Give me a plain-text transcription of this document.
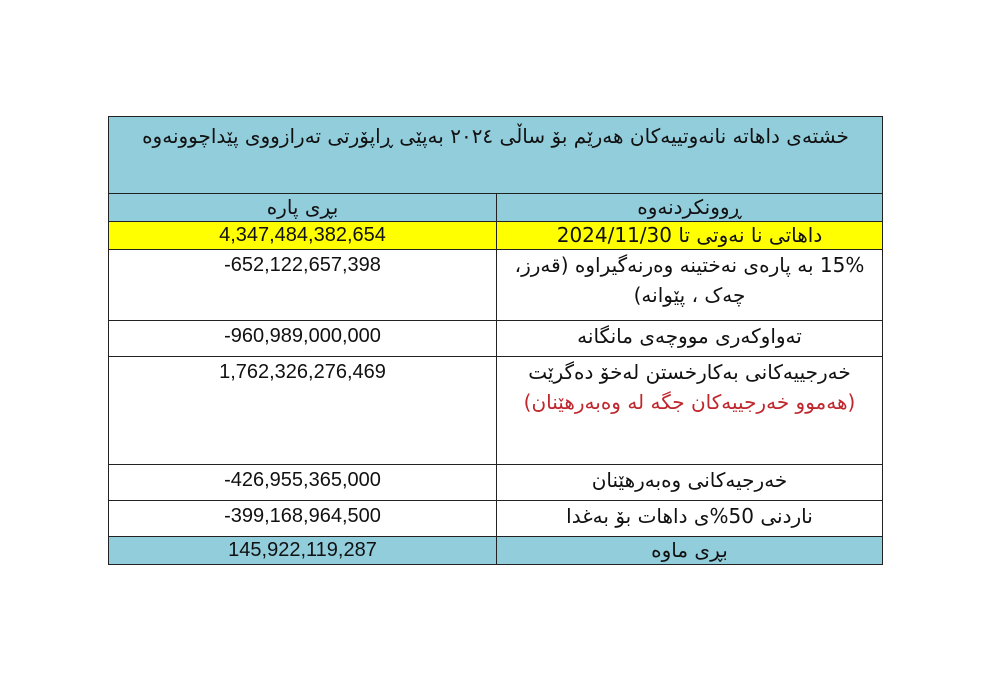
خشتەی داهاتە نانەوتییەکان هەرێم بۆ ساڵی ٢٠٢٤ بەپێی ڕاپۆرتی تەرازووی پێداچوونەوە	
بڕی پارە	ڕوونکردنەوە
4,347,484,382,654	داهاتی نا نەوتی تا 2024/11/30
-652,122,657,398	15% بە پارەی نەختینە وەرنەگیراوە (قەرز، چەک ، پێوانە)
-960,989,000,000	تەواوکەری مووچەی مانگانە
1,762,326,276,469	خەرجییەکانی بەکارخستن لەخۆ دەگرێت (هەموو خەرجییەکان جگە لە وەبەرهێنان)
-426,955,365,000	خەرجیەکانی وەبەرهێنان
-399,168,964,500	ناردنی 50%ی داهات بۆ بەغدا
145,922,119,287	بڕی ماوە
